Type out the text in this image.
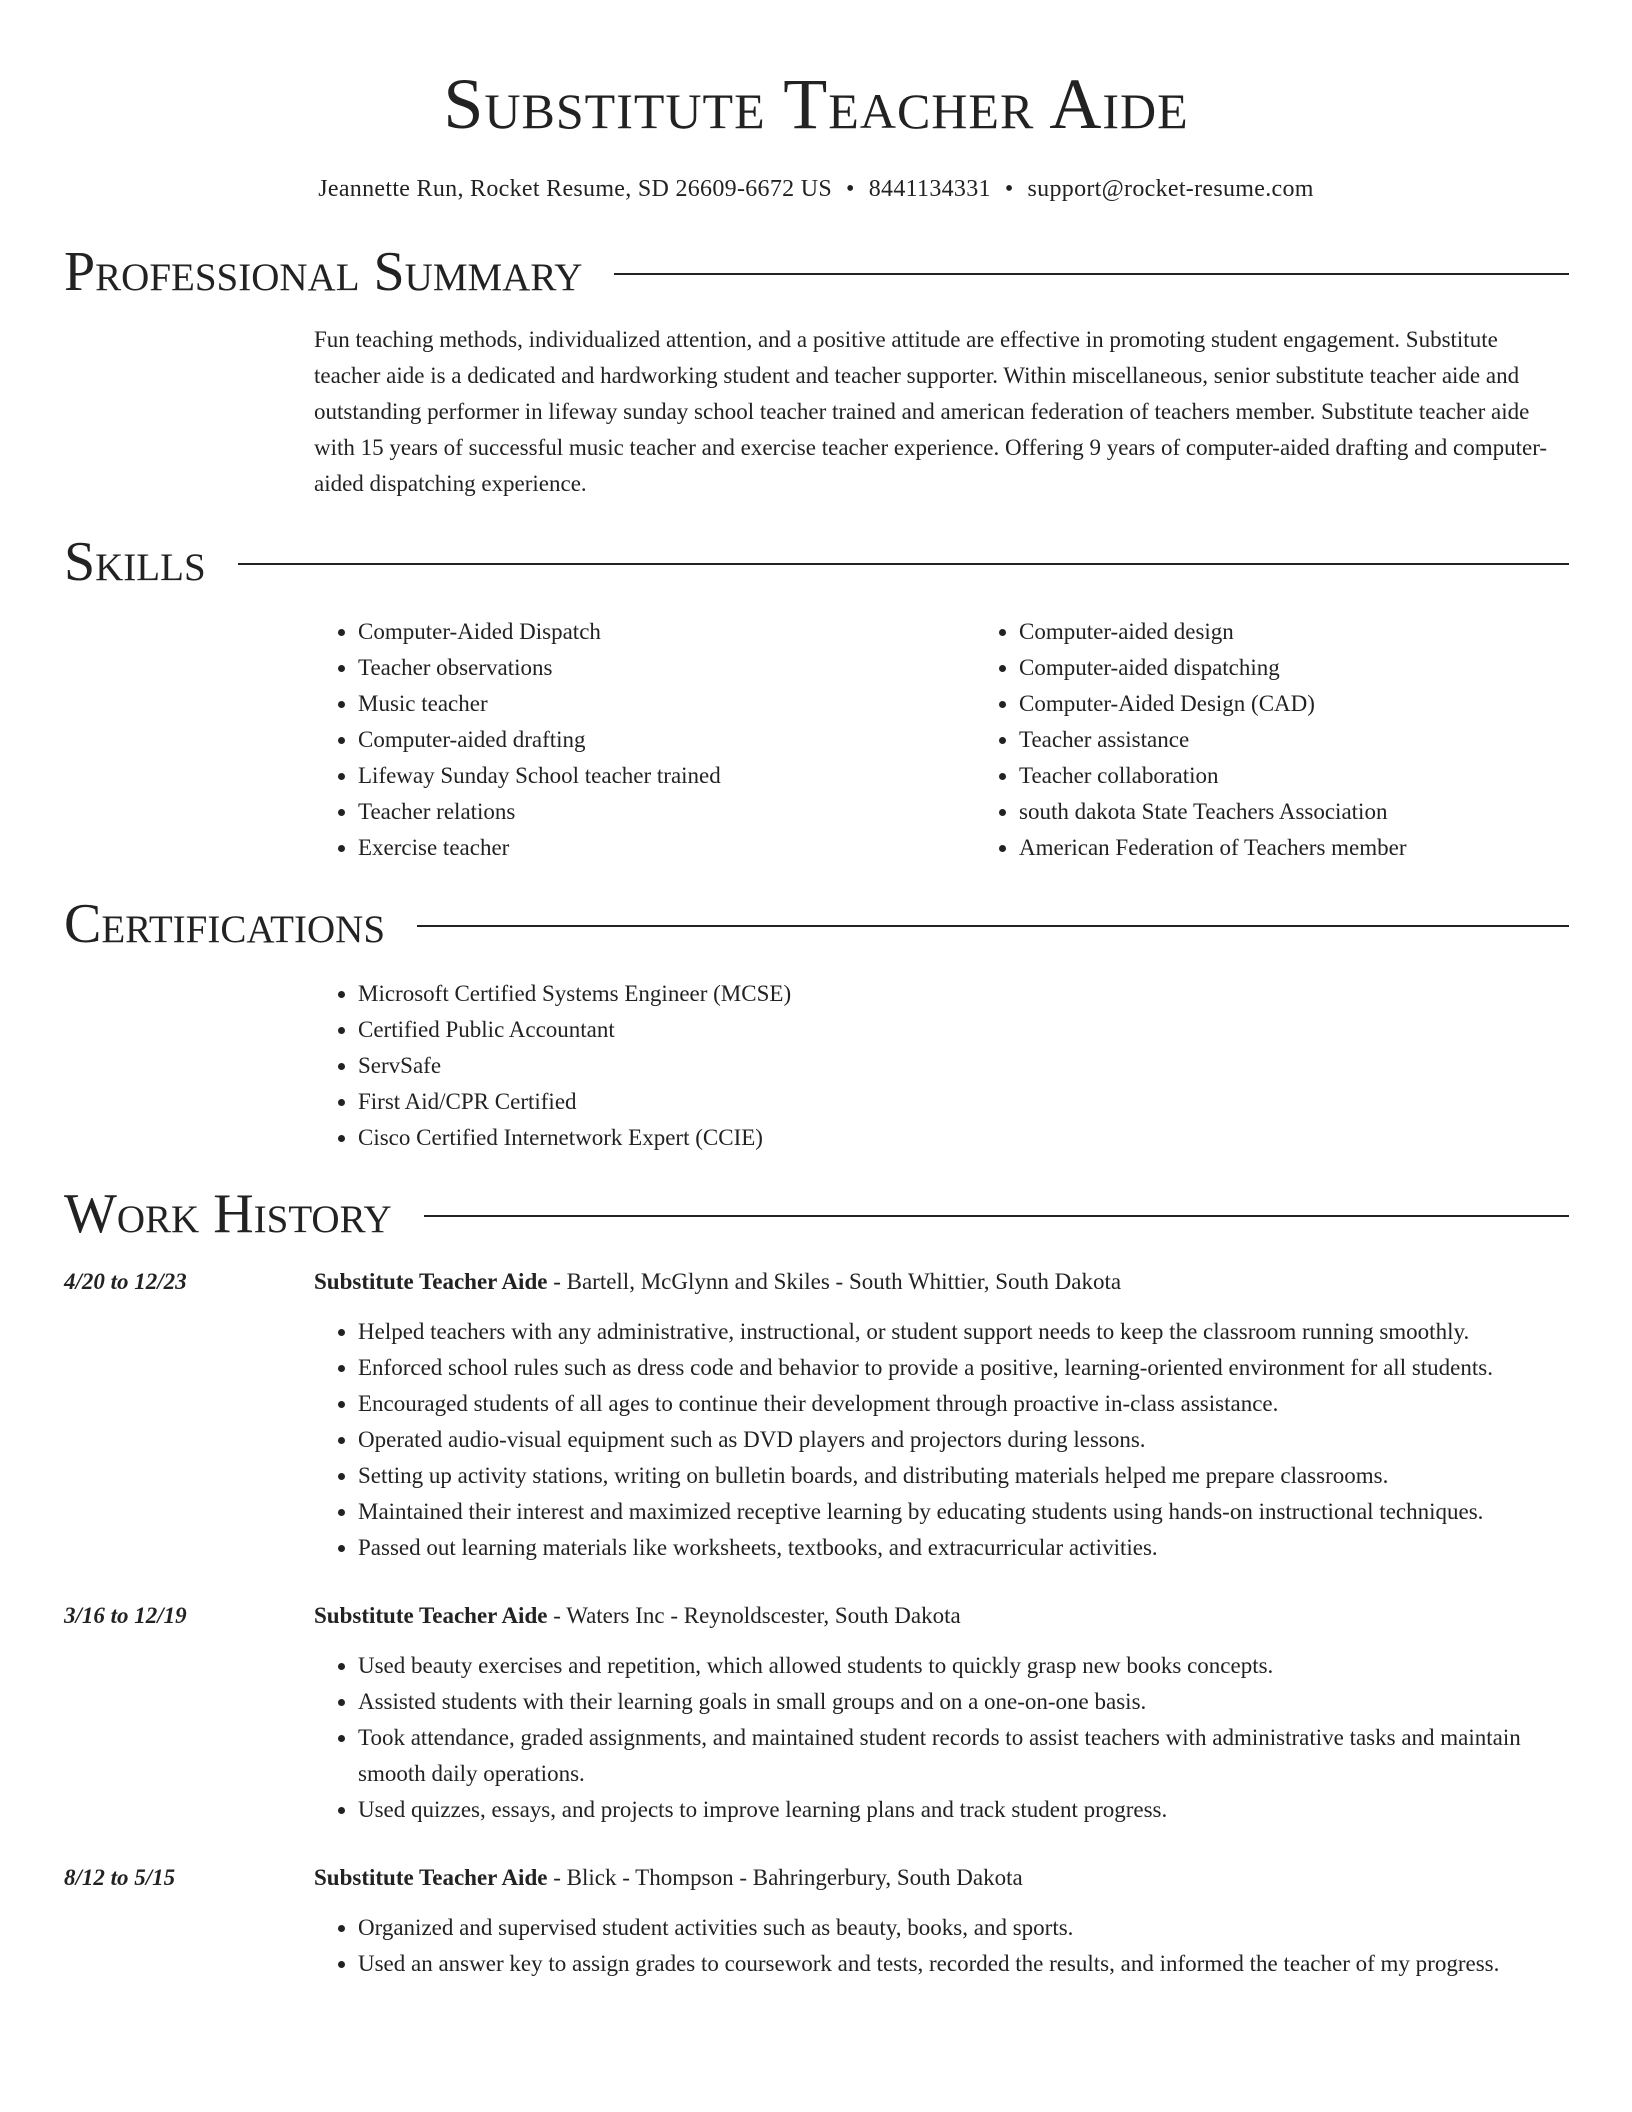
Substitute Teacher Aide
Jeannette Run, Rocket Resume, SD 26609-6672 US • 8441134331 • support@rocket-resume.com
Professional Summary

Fun teaching methods, individualized attention, and a positive attitude are effective in promoting student engagement. Substitute teacher aide is a dedicated and hardworking student and teacher supporter. Within miscellaneous, senior substitute teacher aide and outstanding performer in lifeway sunday school teacher trained and american federation of teachers member. Substitute teacher aide with 15 years of successful music teacher and exercise teacher experience. Offering 9 years of computer-aided drafting and computer-aided dispatching experience.

Skills
• Computer-Aided Dispatch
• Teacher observations
• Music teacher
• Computer-aided drafting
• Lifeway Sunday School teacher trained
• Teacher relations
• Exercise teacher
• Computer-aided design
• Computer-aided dispatching
• Computer-Aided Design (CAD)
• Teacher assistance
• Teacher collaboration
• south dakota State Teachers Association
• American Federation of Teachers member
Certifications
• Microsoft Certified Systems Engineer (MCSE)
• Certified Public Accountant
• ServSafe
• First Aid/CPR Certified
• Cisco Certified Internetwork Expert (CCIE)
Work History
4/20 to 12/23	Substitute Teacher Aide - Bartell, McGlynn and Skiles - South Whittier, South Dakota
• Helped teachers with any administrative, instructional, or student support needs to keep the classroom running smoothly.
• Enforced school rules such as dress code and behavior to provide a positive, learning-oriented environment for all students.
• Encouraged students of all ages to continue their development through proactive in-class assistance.
• Operated audio-visual equipment such as DVD players and projectors during lessons.
• Setting up activity stations, writing on bulletin boards, and distributing materials helped me prepare classrooms.
• Maintained their interest and maximized receptive learning by educating students using hands-on instructional techniques.
• Passed out learning materials like worksheets, textbooks, and extracurricular activities.
3/16 to 12/19	Substitute Teacher Aide - Waters Inc - Reynoldscester, South Dakota
• Used beauty exercises and repetition, which allowed students to quickly grasp new books concepts.
• Assisted students with their learning goals in small groups and on a one-on-one basis.
• Took attendance, graded assignments, and maintained student records to assist teachers with administrative tasks and maintain smooth daily operations.
• Used quizzes, essays, and projects to improve learning plans and track student progress.
8/12 to 5/15	Substitute Teacher Aide - Blick - Thompson - Bahringerbury, South Dakota
• Organized and supervised student activities such as beauty, books, and sports.
• Used an answer key to assign grades to coursework and tests, recorded the results, and informed the teacher of my progress.
